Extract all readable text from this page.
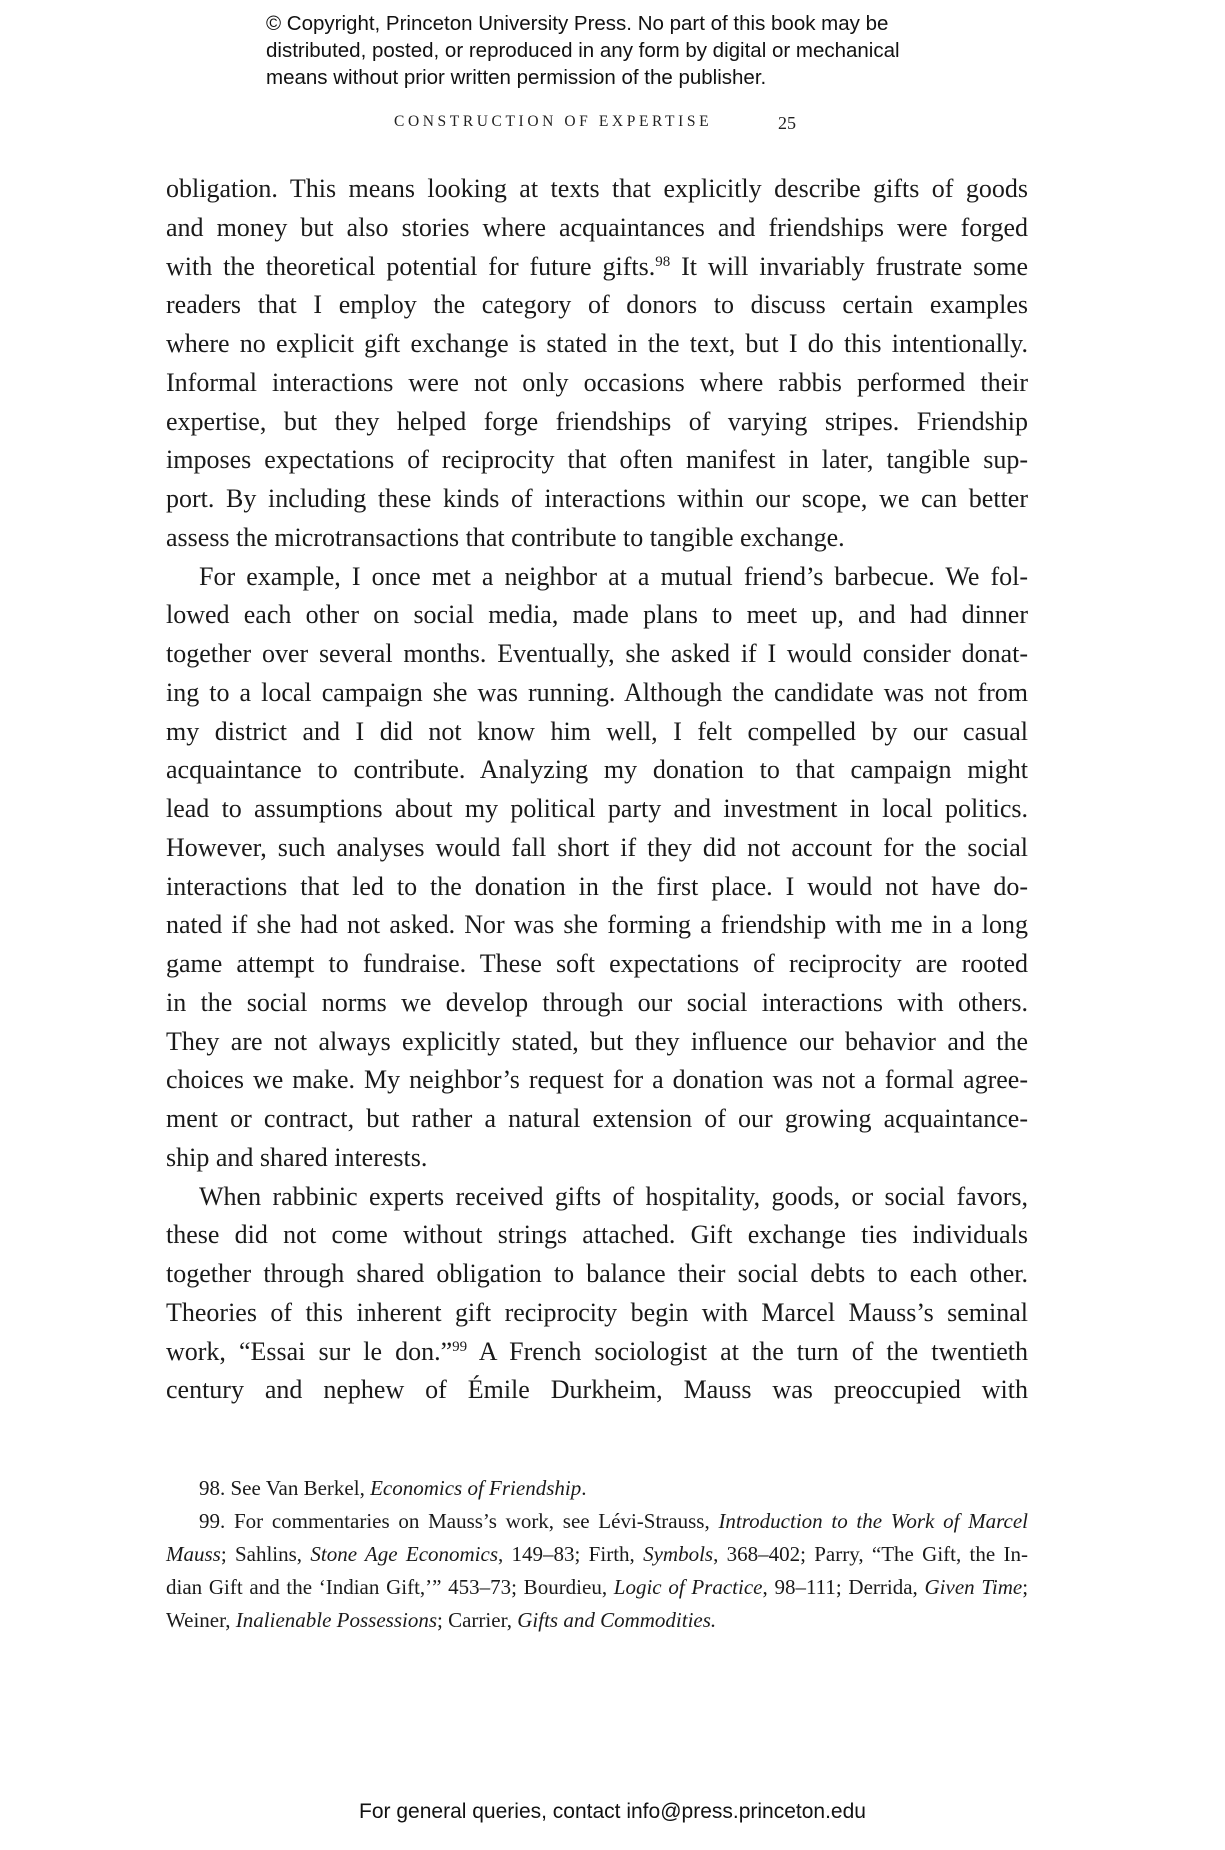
© Copyright, Princeton University Press. No part of this book may be
distributed, posted, or reproduced in any form by digital or mechanical
means without prior written permission of the publisher.
CONSTRUCTION OF EXPERTISE	25
obligation. This means looking at texts that explicitly describe gifts of goods
and money but also stories where acquaintances and friendships were forged
with the theoretical potential for future gifts.$^{98}$ It will invariably frustrate some
readers that I employ the category of donors to discuss certain examples
where no explicit gift exchange is stated in the text, but I do this intentionally.
Informal interactions were not only occasions where rabbis performed their
expertise, but they helped forge friendships of varying stripes. Friendship
imposes expectations of reciprocity that often manifest in later, tangible sup-
port. By including these kinds of interactions within our scope, we can better
assess the microtransactions that contribute to tangible exchange.
For example, I once met a neighbor at a mutual friend’s barbecue. We fol-
lowed each other on social media, made plans to meet up, and had dinner
together over several months. Eventually, she asked if I would consider donat-
ing to a local campaign she was running. Although the candidate was not from
my district and I did not know him well, I felt compelled by our casual
acquaintance to contribute. Analyzing my donation to that campaign might
lead to assumptions about my political party and investment in local politics.
However, such analyses would fall short if they did not account for the social
interactions that led to the donation in the first place. I would not have do-
nated if she had not asked. Nor was she forming a friendship with me in a long
game attempt to fundraise. These soft expectations of reciprocity are rooted
in the social norms we develop through our social interactions with others.
They are not always explicitly stated, but they influence our behavior and the
choices we make. My neighbor’s request for a donation was not a formal agree-
ment or contract, but rather a natural extension of our growing acquaintance-
ship and shared interests.
When rabbinic experts received gifts of hospitality, goods, or social favors,
these did not come without strings attached. Gift exchange ties individuals
together through shared obligation to balance their social debts to each other.
Theories of this inherent gift reciprocity begin with Marcel Mauss’s seminal
work, “Essai sur le don.”$^{99}$ A French sociologist at the turn of the twentieth
century and nephew of Émile Durkheim, Mauss was preoccupied with
98. See Van Berkel, Economics of Friendship.
99. For commentaries on Mauss’s work, see Lévi-Strauss, Introduction to the Work of Marcel
Mauss; Sahlins, Stone Age Economics, 149–83; Firth, Symbols, 368–402; Parry, “The Gift, the In-
dian Gift and the ‘Indian Gift,’” 453–73; Bourdieu, Logic of Practice, 98–111; Derrida, Given Time;
Weiner, Inalienable Possessions; Carrier, Gifts and Commodities.
For general queries, contact info@press.princeton.edu
